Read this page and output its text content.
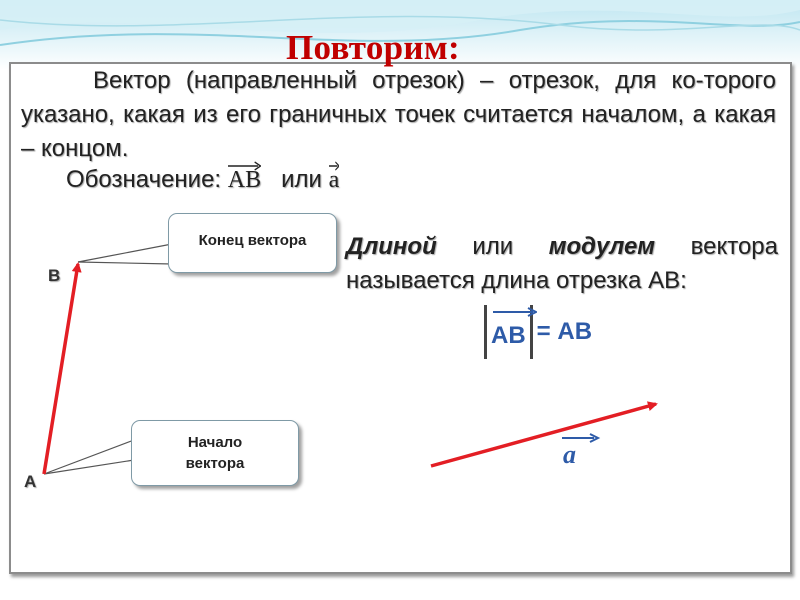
Повторим:
Вектор (направленный отрезок) – отрезок, для ко-торого указано, какая из его граничных точек считается началом, а какая – концом.
Обозначение: AB или a
Конец вектора
Начало
вектора
В
А
Длиной или модулем вектора называется длина отрезка АВ:
АВ = АВ
a
